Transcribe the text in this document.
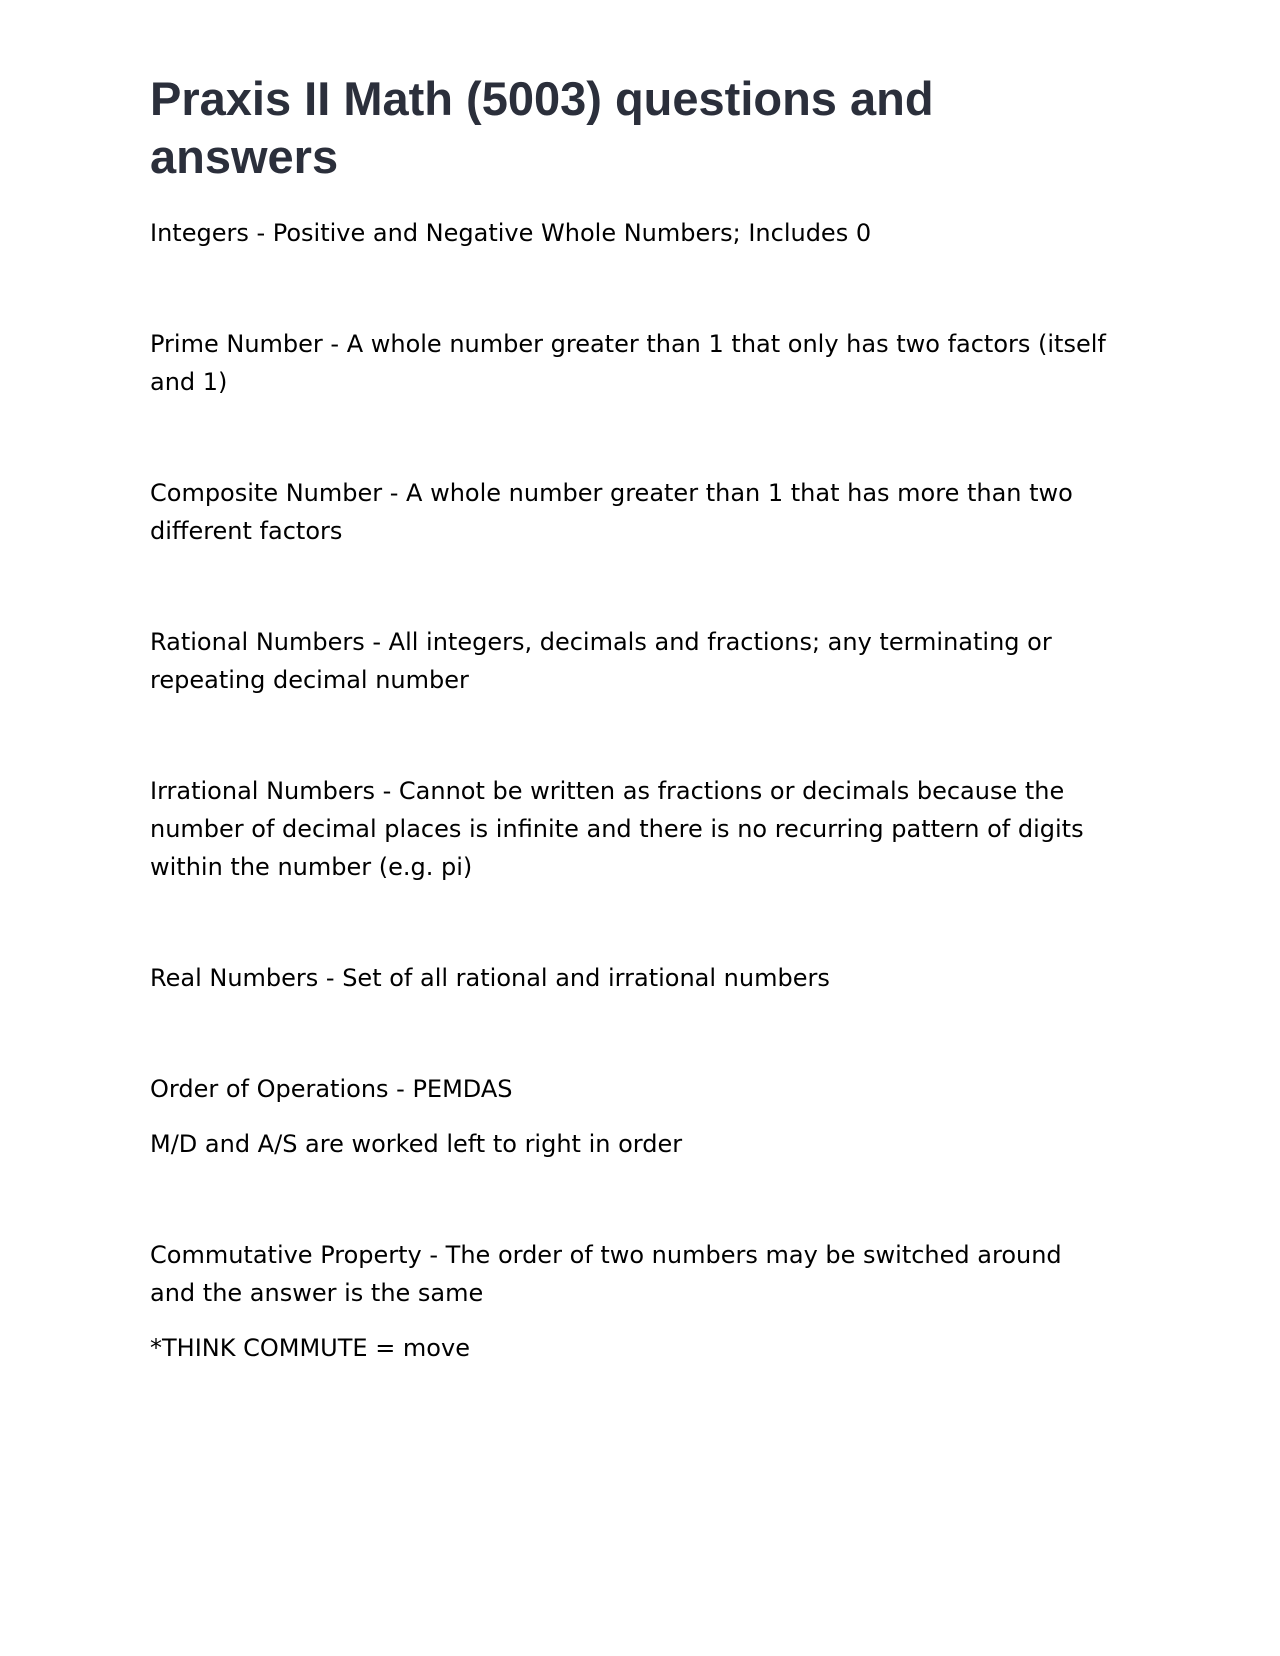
Praxis II Math (5003) questions and answers

Integers - Positive and Negative Whole Numbers; Includes 0

Prime Number - A whole number greater than 1 that only has two factors (itself and 1)

Composite Number - A whole number greater than 1 that has more than two different factors

Rational Numbers - All integers, decimals and fractions; any terminating or repeating decimal number

Irrational Numbers - Cannot be written as fractions or decimals because the number of decimal places is infinite and there is no recurring pattern of digits within the number (e.g. pi)

Real Numbers - Set of all rational and irrational numbers

Order of Operations - PEMDAS

M/D and A/S are worked left to right in order

Commutative Property - The order of two numbers may be switched around and the answer is the same

*THINK COMMUTE = move
